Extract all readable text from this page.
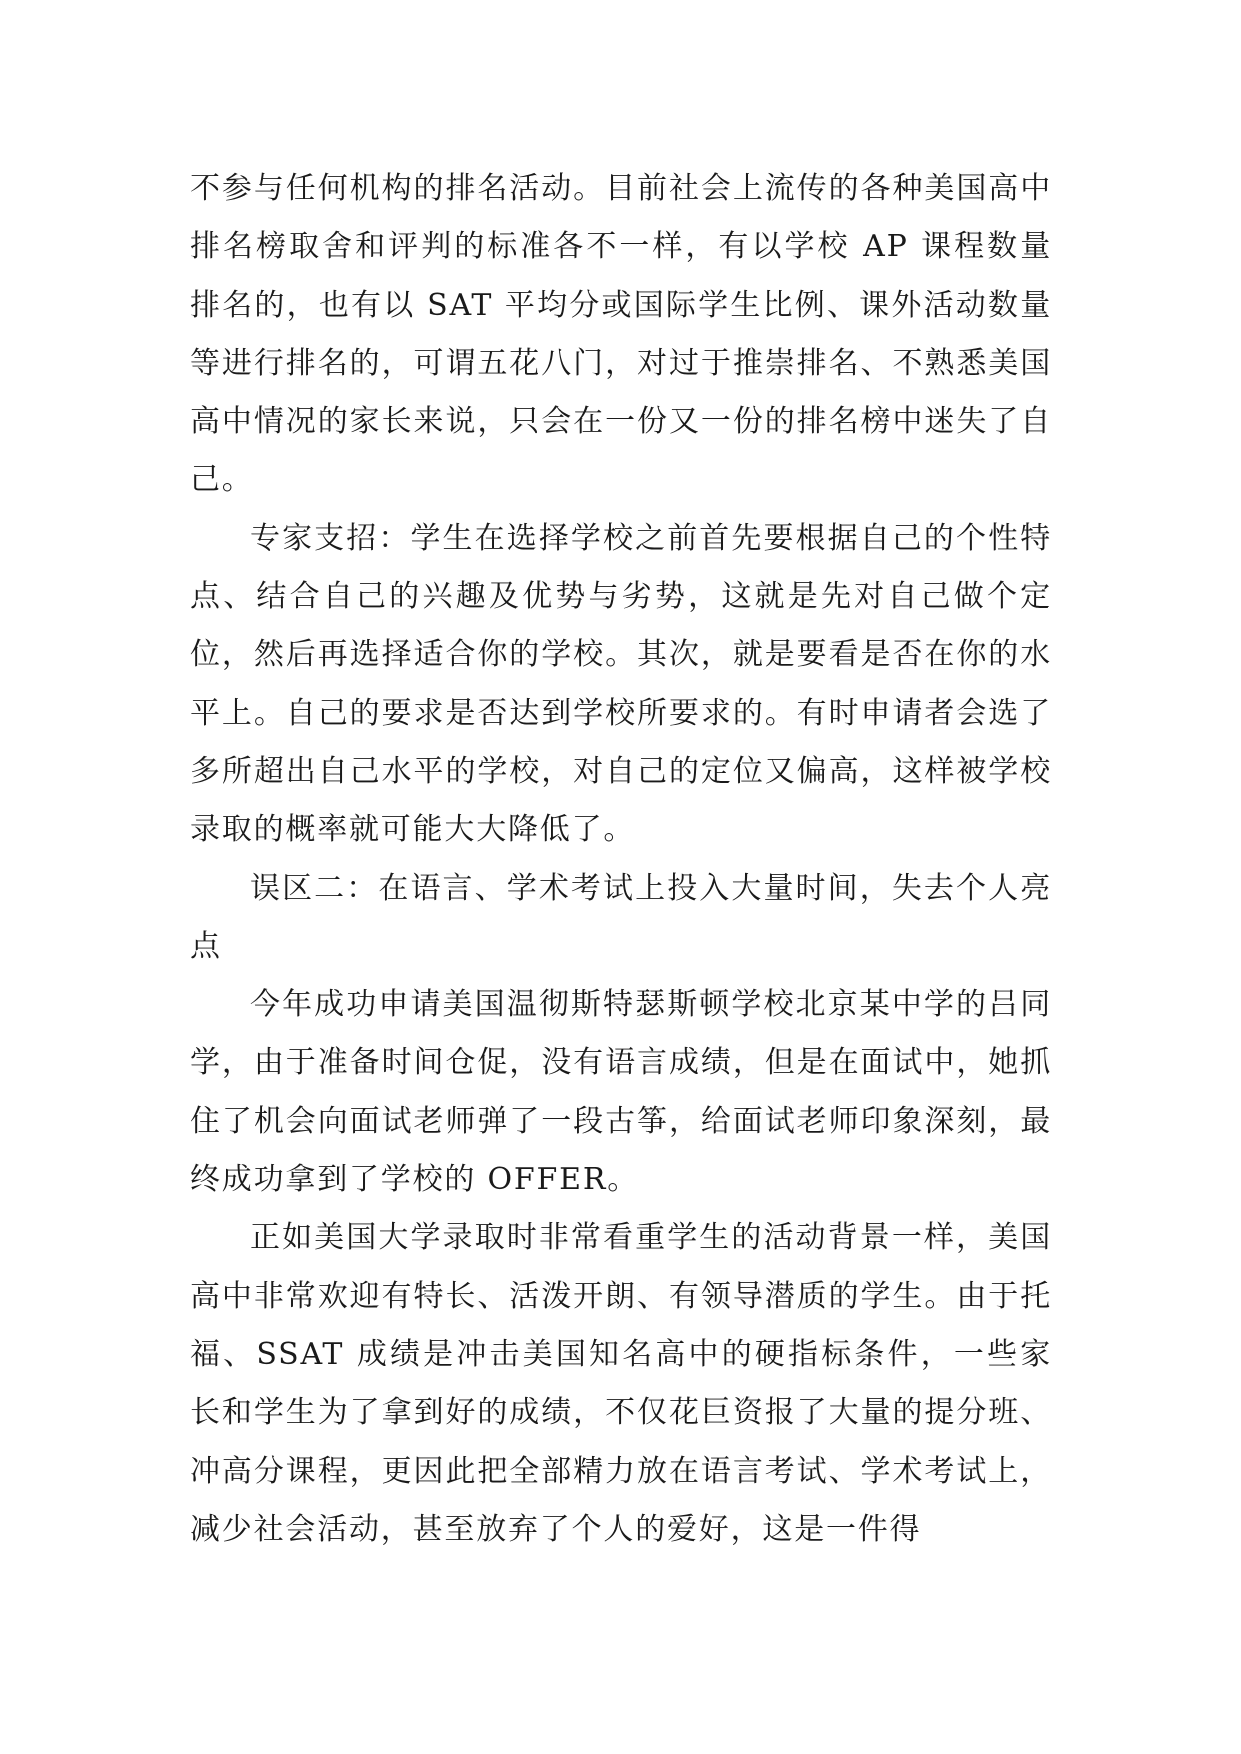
不参与任何机构的排名活动。目前社会上流传的各种美国高中排名榜取舍和评判的标准各不一样，有以学校 AP 课程数量排名的，也有以 SAT 平均分或国际学生比例、课外活动数量等进行排名的，可谓五花八门，对过于推崇排名、不熟悉美国高中情况的家长来说，只会在一份又一份的排名榜中迷失了自己。

专家支招：学生在选择学校之前首先要根据自己的个性特点、结合自己的兴趣及优势与劣势，这就是先对自己做个定位，然后再选择适合你的学校。其次，就是要看是否在你的水平上。自己的要求是否达到学校所要求的。有时申请者会选了多所超出自己水平的学校，对自己的定位又偏高，这样被学校录取的概率就可能大大降低了。

误区二：在语言、学术考试上投入大量时间，失去个人亮点

今年成功申请美国温彻斯特瑟斯顿学校北京某中学的吕同学，由于准备时间仓促，没有语言成绩，但是在面试中，她抓住了机会向面试老师弹了一段古筝，给面试老师印象深刻，最终成功拿到了学校的 OFFER。

正如美国大学录取时非常看重学生的活动背景一样，美国高中非常欢迎有特长、活泼开朗、有领导潜质的学生。由于托福、SSAT 成绩是冲击美国知名高中的硬指标条件，一些家长和学生为了拿到好的成绩，不仅花巨资报了大量的提分班、冲高分课程，更因此把全部精力放在语言考试、学术考试上，减少社会活动，甚至放弃了个人的爱好，这是一件得
